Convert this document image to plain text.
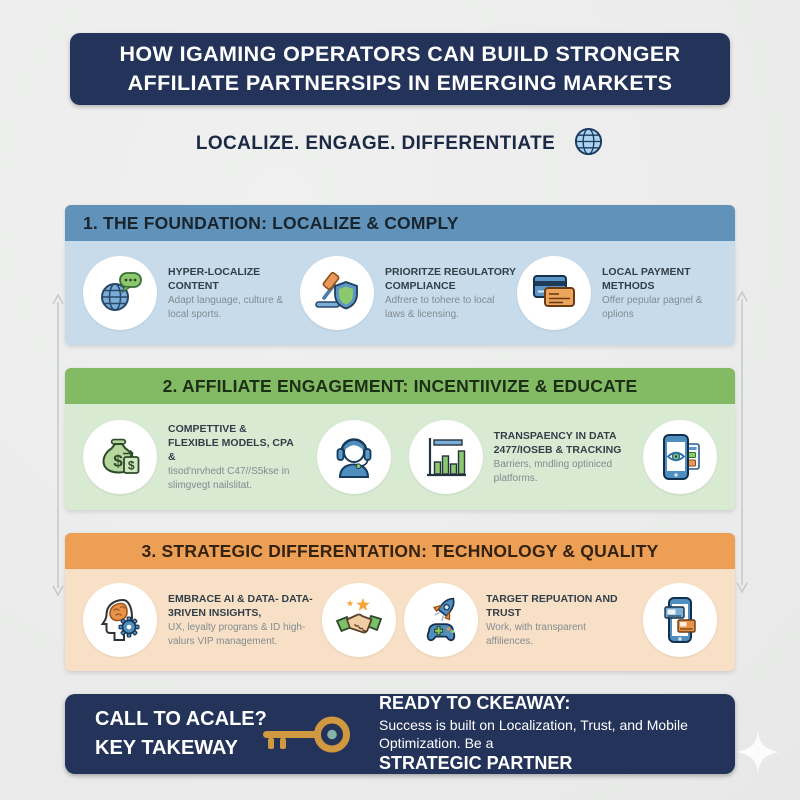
HOW IGAMING OPERATORS CAN BUILD STRONGER
AFFILIATE PARTNERSIPS IN EMERGING MARKETS
LOCALIZE. ENGAGE. DIFFERENTIATE
1. THE FOUNDATION: LOCALIZE & COMPLY
HYPER-LOCALIZE CONTENT
Adapt language, culture & local sports.
PRIORITZE REGULATORY COMPLIANCE
Adfrere to tohere to local laws & licensing.
LOCAL PAYMENT METHODS
Offer pepular pagnel & oplions
2. AFFILIATE ENGAGEMENT: INCENTIIVIZE & EDUCATE
$ $
COMPETTIVE & FLEXIBLE MODELS, CPA &
tisod'nrvhedt C47//S5kse in slimgvegt nailslitat.
TRANSPAENCY IN DATA 2477/IOSEB & TRACKING
Barriers, mndling optiniced platforms.
3. STRATEGIC DIFFERENTATION: TECHNOLOGY & QUALITY
EMBRACE AI & DATA- DATA-3RIVEN INSIGHTS,
UX, leyalty prograns & ID high-valurs VIP management.
TARGET REPUATION AND TRUST
Work, with transparent affiliences.
CALL TO ACALE?
KEY TAKEWAY
READY TO CKEAWAY:
Success is built on Localization, Trust, and Mobile Optimization. Be a
STRATEGIC PARTNER
